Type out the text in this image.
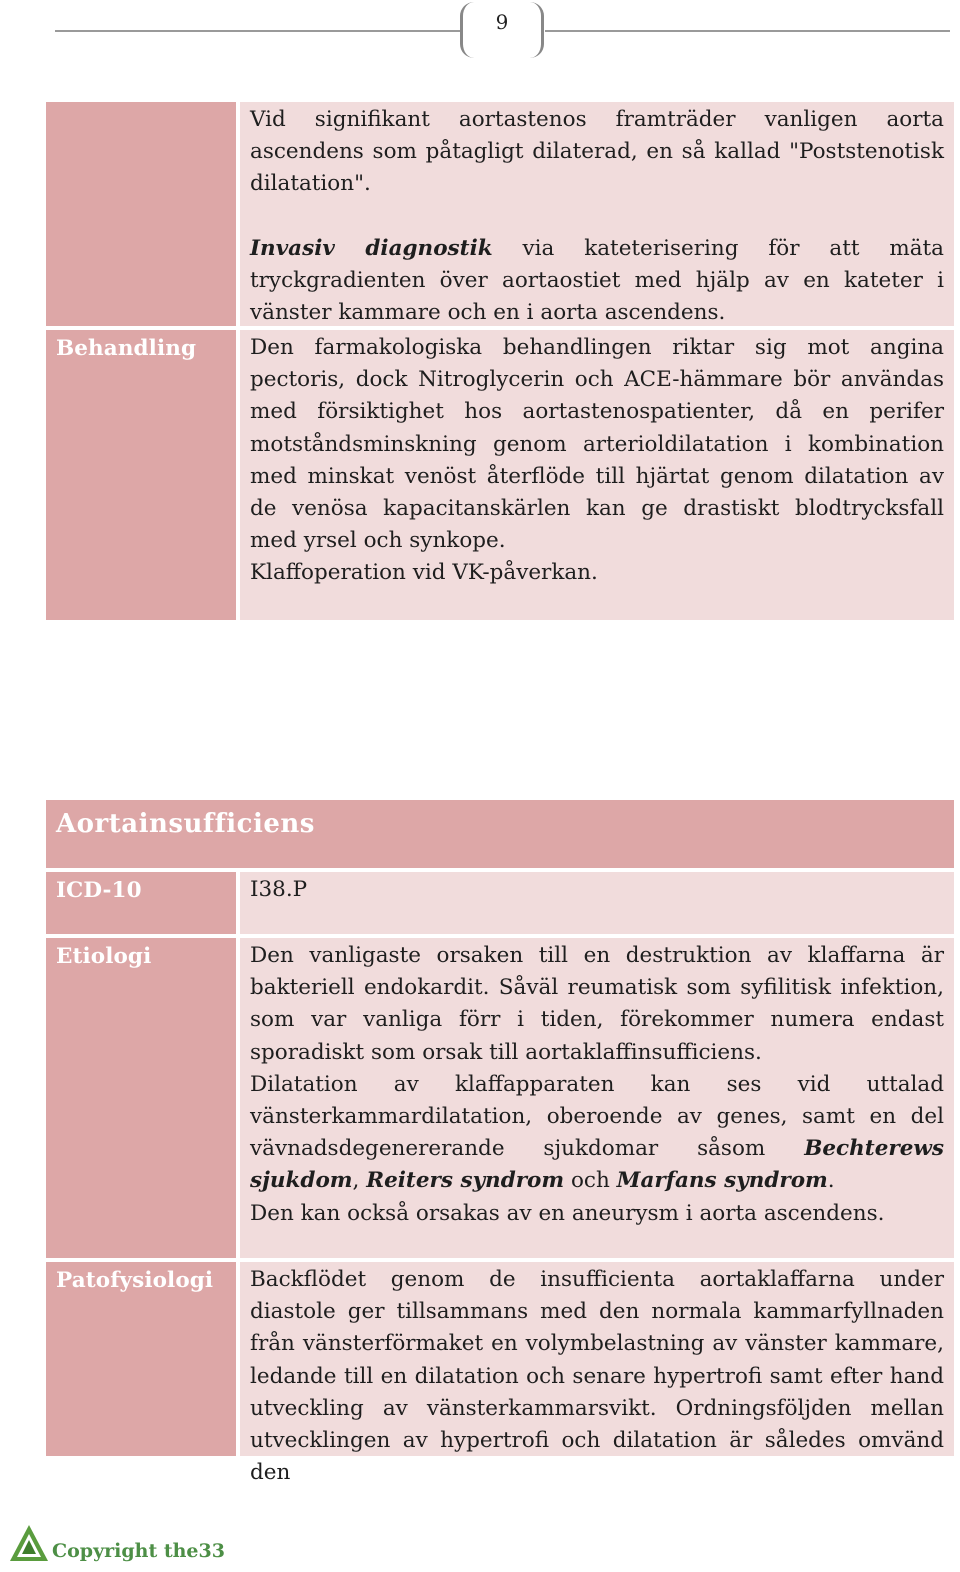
9

Vid signifikant aortastenos framträder vanligen aorta ascendens som påtagligt dilaterad, en så kallad "Poststenotisk dilatation".

Invasiv diagnostik via kateterisering för att mäta tryckgradienten över aortaostiet med hjälp av en kateter i vänster kammare och en i aorta ascendens.

Behandling	Den farmakologiska behandlingen riktar sig mot angina pectoris, dock Nitroglycerin och ACE-hämmare bör användas med försiktighet hos aortastenospatienter, då en perifer motståndsminskning genom arterioldilatation i kombination med minskat venöst återflöde till hjärtat genom dilatation av de venösa kapacitanskärlen kan ge drastiskt blodtrycksfall med yrsel och synkope.

Klaffoperation vid VK-påverkan.

Aortainsufficiens
ICD-10	I38.P

Etiologi	Den vanligaste orsaken till en destruktion av klaffarna är bakteriell endokardit. Såväl reumatisk som syfilitisk infektion, som var vanliga förr i tiden, förekommer numera endast sporadiskt som orsak till aortaklaffinsufficiens.

Dilatation av klaffapparaten kan ses vid uttalad vänsterkammardilatation, oberoende av genes, samt en del vävnadsdegenererande sjukdomar såsom Bechterews sjukdom, Reiters syndrom och Marfans syndrom.

Den kan också orsakas av en aneurysm i aorta ascendens.

Patofysiologi	Backflödet genom de insufficienta aortaklaffarna under diastole ger tillsammans med den normala kammarfyllnaden från vänsterförmaket en volymbelastning av vänster kammare, ledande till en dilatation och senare hypertrofi samt efter hand utveckling av vänsterkammarsvikt. Ordningsföljden mellan utvecklingen av hypertrofi och dilatation är således omvänd den

Copyright the33
